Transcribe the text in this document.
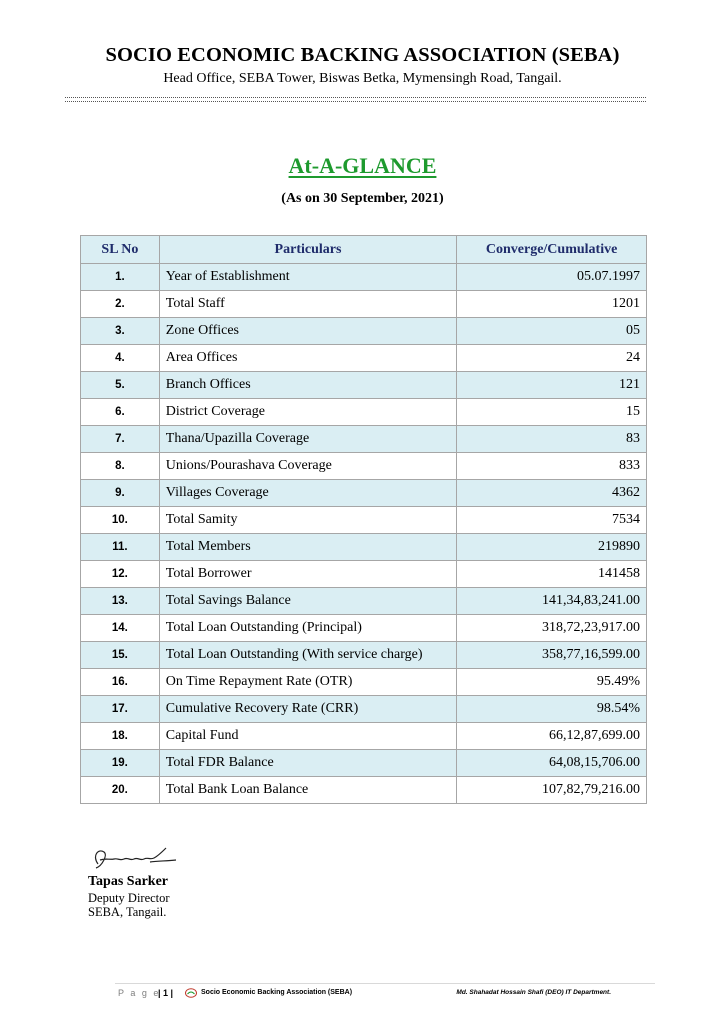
SOCIO ECONOMIC BACKING ASSOCIATION (SEBA)
Head Office, SEBA Tower, Biswas Betka, Mymensingh Road, Tangail.
At-A-GLANCE
(As on 30 September, 2021)
SL No	Particulars	Converge/Cumulative
1.	Year of Establishment	05.07.1997
2.	Total Staff	1201
3.	Zone Offices	05
4.	Area Offices	24
5.	Branch Offices	121
6.	District Coverage	15
7.	Thana/Upazilla Coverage	83
8.	Unions/Pourashava Coverage	833
9.	Villages Coverage	4362
10.	Total Samity	7534
11.	Total Members	219890
12.	Total Borrower	141458
13.	Total Savings Balance	141,34,83,241.00
14.	Total Loan Outstanding (Principal)	318,72,23,917.00
15.	Total Loan Outstanding (With service charge)	358,77,16,599.00
16.	On Time Repayment Rate (OTR)	95.49%
17.	Cumulative Recovery Rate (CRR)	98.54%
18.	Capital Fund	66,12,87,699.00
19.	Total FDR Balance	64,08,15,706.00
20.	Total Bank Loan Balance	107,82,79,216.00
Tapas Sarker
Deputy Director
SEBA, Tangail.
P a g e
| 1 |	Socio Economic Backing Association (SEBA)	Md. Shahadat Hossain Shafi (DEO) IT Department.
